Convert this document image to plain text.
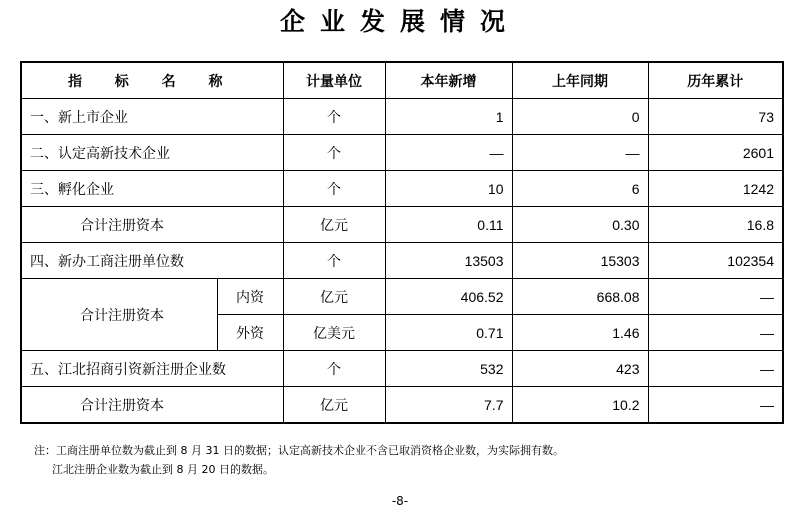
企业发展情况
指 标 名 称		计量单位	本年新增	上年同期	历年累计
一、新上市企业		个	1	0	73
二、认定高新技术企业		个	—	—	2601
三、孵化企业		个	10	6	1242
合计注册资本		亿元	0.11	0.30	16.8
四、新办工商注册单位数		个	13503	15303	102354
合计注册资本	内资	亿元	406.52	668.08	—
	外资	亿美元	0.71	1.46	—
五、江北招商引资新注册企业数		个	532	423	—
合计注册资本		亿元	7.7	10.2	—
注：工商注册单位数为截止到 8 月 31 日的数据；认定高新技术企业不含已取消资格企业数，为实际拥有数。
江北注册企业数为截止到 8 月 20 日的数据。
-8-
